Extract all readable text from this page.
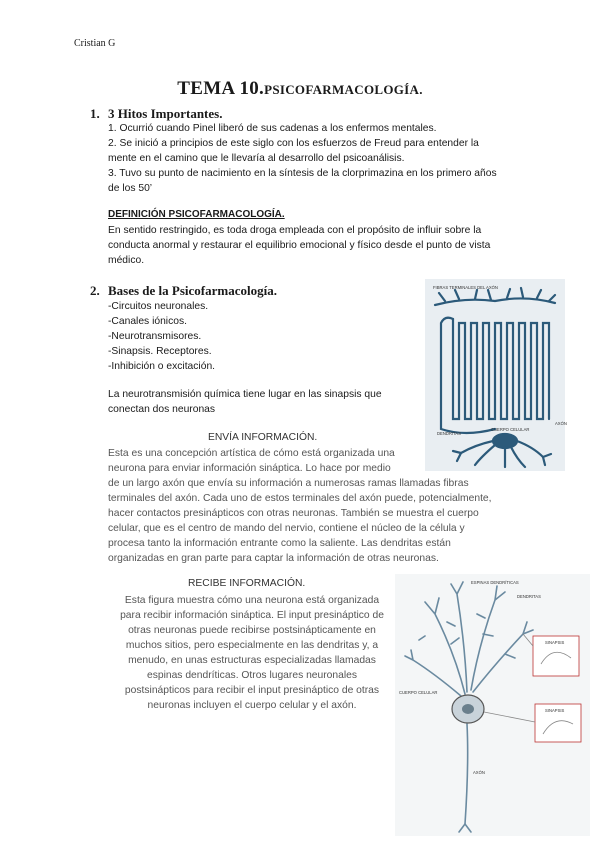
Cristian G
TEMA 10.PSICOFARMACOLOGÍA.
1. 3 Hitos Importantes.
1. Ocurrió cuando Pinel liberó de sus cadenas a los enfermos mentales.
2. Se inició a principios de este siglo con los esfuerzos de Freud para entender la
mente en el camino que le llevaría al desarrollo del psicoanálisis.
3. Tuvo su punto de nacimiento en la síntesis de la clorprimazina en los primero años
de los 50’
DEFINICIÓN PSICOFARMACOLOGÍA.
En sentido restringido, es toda droga empleada con el propósito de influir sobre la
conducta anormal y restaurar el equilibrio emocional y físico desde el punto de vista
médico.
2. Bases de la Psicofarmacología.
-Circuitos neuronales.
-Canales iónicos.
-Neurotransmisores.
-Sinapsis. Receptores.
-Inhibición o excitación.
La neurotransmisión química tiene lugar en las sinapsis que
conectan dos neuronas
FIBRAS TERMINALES DEL AXÓN
AXÓN
DENDRITAS
CUERPO CELULAR
ENVÍA INFORMACIÓN.
Esta es una concepción artística de cómo está organizada una
neurona para enviar información sináptica. Lo hace por medio
de un largo axón que envía su información a numerosas ramas llamadas fibras
terminales del axón. Cada uno de estos terminales del axón puede, potencialmente,
hacer contactos presinápticos con otras neuronas. También se muestra el cuerpo
celular, que es el centro de mando del nervio, contiene el núcleo de la célula y
procesa tanto la información entrante como la saliente. Las dendritas están
organizadas en gran parte para captar la información de otras neuronas.
RECIBE INFORMACIÓN.
Esta figura muestra cómo una neurona está organizada
para recibir información sináptica. El input presináptico de
otras neuronas puede recibirse postsinápticamente en
muchos sitios, pero especialmente en las dendritas y, a
menudo, en unas estructuras especializadas llamadas
espinas dendríticas. Otros lugares neuronales
postsinápticos para recibir el input presináptico de otras
neuronas incluyen el cuerpo celular y el axón.
ESPINAS DENDRÍTICAS
DENDRITAS
CUERPO CELULAR
AXÓN
SINAPSIS
SINAPSIS
